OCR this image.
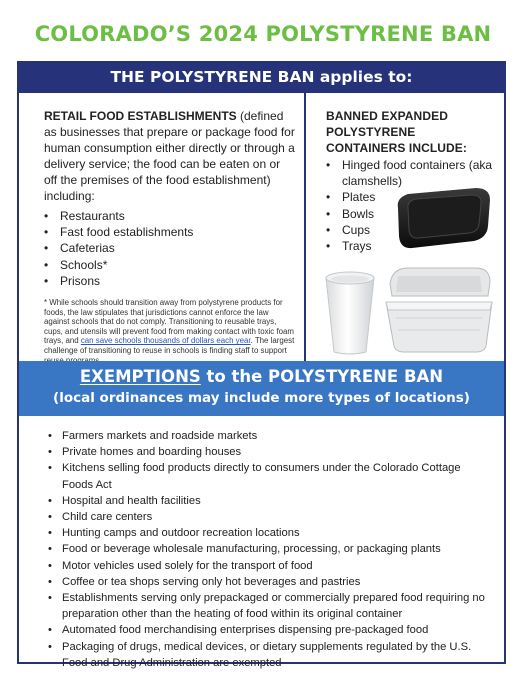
COLORADO’S 2024 POLYSTYRENE BAN
THE POLYSTYRENE BAN applies to:
RETAIL FOOD ESTABLISHMENTS (defined as businesses that prepare or package food for human consumption either directly or through a delivery service; the food can be eaten on or off the premises of the food establishment) including:
• Restaurants
• Fast food establishments
• Cafeterias
• Schools*
• Prisons
* While schools should transition away from polystyrene products for foods, the law stipulates that jurisdictions cannot enforce the law against schools that do not comply. Transitioning to reusable trays, cups, and utensils will prevent food from making contact with toxic foam trays, and can save schools thousands of dollars each year. The largest challenge of transitioning to reuse in schools is finding staff to support
BANNED EXPANDED POLYSTYRENE CONTAINERS INCLUDE:
• Hinged food containers (aka clamshells)
• Plates
• Bowls
• Cups
• Trays
EXEMPTIONS to the POLYSTYRENE BAN
(local ordinances may include more types of locations)
• Farmers markets and roadside markets
• Private homes and boarding houses
• Kitchens selling food products directly to consumers under the Colorado Cottage Foods Act
• Hospital and health facilities
• Child care centers
• Hunting camps and outdoor recreation locations
• Food or beverage wholesale manufacturing, processing, or packaging plants
• Motor vehicles used solely for the transport of food
• Coffee or tea shops serving only hot beverages and pastries
• Establishments serving only prepackaged or commercially prepared food requiring no preparation other than the heating of food within its original container
• Automated food merchandising enterprises dispensing pre-packaged food
• Packaging of drugs, medical devices, or dietary supplements regulated by the U.S. Food and Drug Administration are exempted
